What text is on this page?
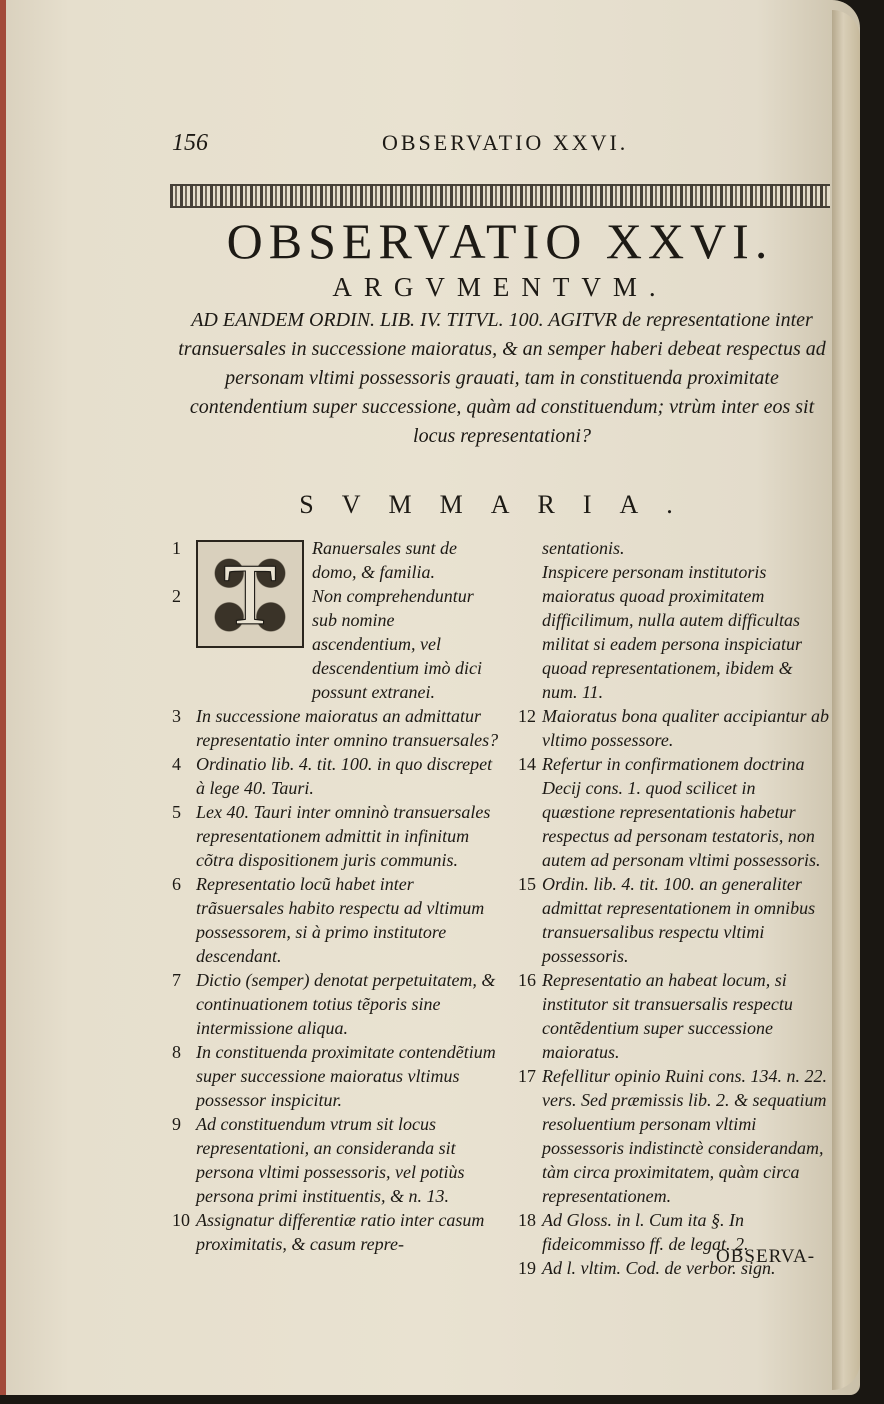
156	OBSERVATIO XXVI.
OBSERVATIO XXVI.
ARGVMENTVM.
AD EANDEM ORDIN. LIB. IV. TITVL. 100. AGITVR de representatione inter transuersales in successione maioratus, & an semper haberi debeat respectus ad personam vltimi possessoris grauati, tam in constituenda proximitate contendentium super successione, quàm ad constituendum; vtrùm inter eos sit locus representationi?
SVMMARIA.
1 T	Ranuersales sunt de domo, & familia.

2	Non comprehenduntur sub nomine ascendentium, vel descendentium imò dici possunt extranei.
3 In successione maioratus an admittatur representatio inter omnino transuersales?
4 Ordinatio lib. 4. tit. 100. in quo discrepet à lege 40. Tauri.
5 Lex 40. Tauri inter omninò transuersales representationem admittit in infinitum cõtra dispositionem juris communis.
6 Representatio locũ habet inter trãsuersales habito respectu ad vltimum possessorem, si à primo institutore descendant.
7 Dictio (semper) denotat perpetuitatem, & continuationem totius tẽporis sine intermissione aliqua.
8 In constituenda proximitate contendẽtium super successione maioratus vltimus possessor inspicitur.
9 Ad constituendum vtrum sit locus representationi, an consideranda sit persona vltimi possessoris, vel potiùs persona primi instituentis, & n. 13.
10 Assignatur differentiæ ratio inter casum proximitatis, & casum repre-
sentationis.
Inspicere personam institutoris maioratus quoad proximitatem difficilimum, nulla autem difficultas militat si eadem persona inspiciatur quoad representationem, ibidem & num. 11.
12 Maioratus bona qualiter accipiantur ab vltimo possessore.
14 Refertur in confirmationem doctrina Decij cons. 1. quod scilicet in quæstione representationis habetur respectus ad personam testatoris, non autem ad personam vltimi possessoris.
15 Ordin. lib. 4. tit. 100. an generaliter admittat representationem in omnibus transuersalibus respectu vltimi possessoris.
16 Representatio an habeat locum, si institutor sit transuersalis respectu contẽdentium super successione maioratus.
17 Refellitur opinio Ruini cons. 134. n. 22. vers. Sed præmissis lib. 2. & sequatium resoluentium personam vltimi possessoris indistinctè considerandam, tàm circa proximitatem, quàm circa representationem.
18 Ad Gloss. in l. Cum ita §. In fideicommisso ff. de legat. 2.
19 Ad l. vltim. Cod. de verbor. sign.
OBSERVA-
